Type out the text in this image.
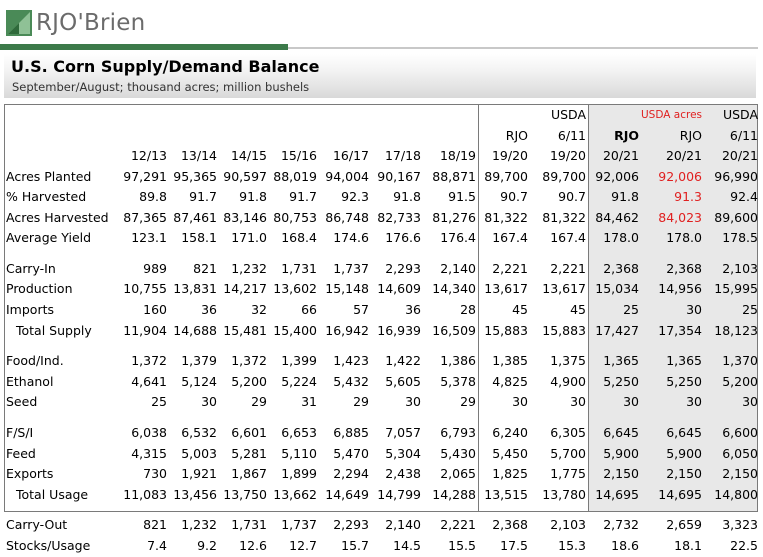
RJO'Brien
U.S. Corn Supply/Demand Balance
September/August; thousand acres; million bushels
									USDA		USDA acres	USDA
								RJO	6/11	RJO	RJO	6/11
	12/13	13/14	14/15	15/16	16/17	17/18	18/19	19/20	19/20	20/21	20/21	20/21
Acres Planted	97,291	95,365	90,597	88,019	94,004	90,167	88,871	89,700	89,700	92,006	92,006	96,990
% Harvested	89.8	91.7	91.8	91.7	92.3	91.8	91.5	90.7	90.7	91.8	91.3	92.4
Acres Harvested	87,365	87,461	83,146	80,753	86,748	82,733	81,276	81,322	81,322	84,462	84,023	89,600
Average Yield	123.1	158.1	171.0	168.4	174.6	176.6	176.4	167.4	167.4	178.0	178.0	178.5

Carry-In	989	821	1,232	1,731	1,737	2,293	2,140	2,221	2,221	2,368	2,368	2,103
Production	10,755	13,831	14,217	13,602	15,148	14,609	14,340	13,617	13,617	15,034	14,956	15,995
Imports	160	36	32	66	57	36	28	45	45	25	30	25
Total Supply	11,904	14,688	15,481	15,400	16,942	16,939	16,509	15,883	15,883	17,427	17,354	18,123

Food/Ind.	1,372	1,379	1,372	1,399	1,423	1,422	1,386	1,385	1,375	1,365	1,365	1,370
Ethanol	4,641	5,124	5,200	5,224	5,432	5,605	5,378	4,825	4,900	5,250	5,250	5,200
Seed	25	30	29	31	29	30	29	30	30	30	30	30

F/S/I	6,038	6,532	6,601	6,653	6,885	7,057	6,793	6,240	6,305	6,645	6,645	6,600
Feed	4,315	5,003	5,281	5,110	5,470	5,304	5,430	5,450	5,700	5,900	5,900	6,050
Exports	730	1,921	1,867	1,899	2,294	2,438	2,065	1,825	1,775	2,150	2,150	2,150
Total Usage	11,083	13,456	13,750	13,662	14,649	14,799	14,288	13,515	13,780	14,695	14,695	14,800

Carry-Out	821	1,232	1,731	1,737	2,293	2,140	2,221	2,368	2,103	2,732	2,659	3,323
Stocks/Usage	7.4	9.2	12.6	12.7	15.7	14.5	15.5	17.5	15.3	18.6	18.1	22.5
